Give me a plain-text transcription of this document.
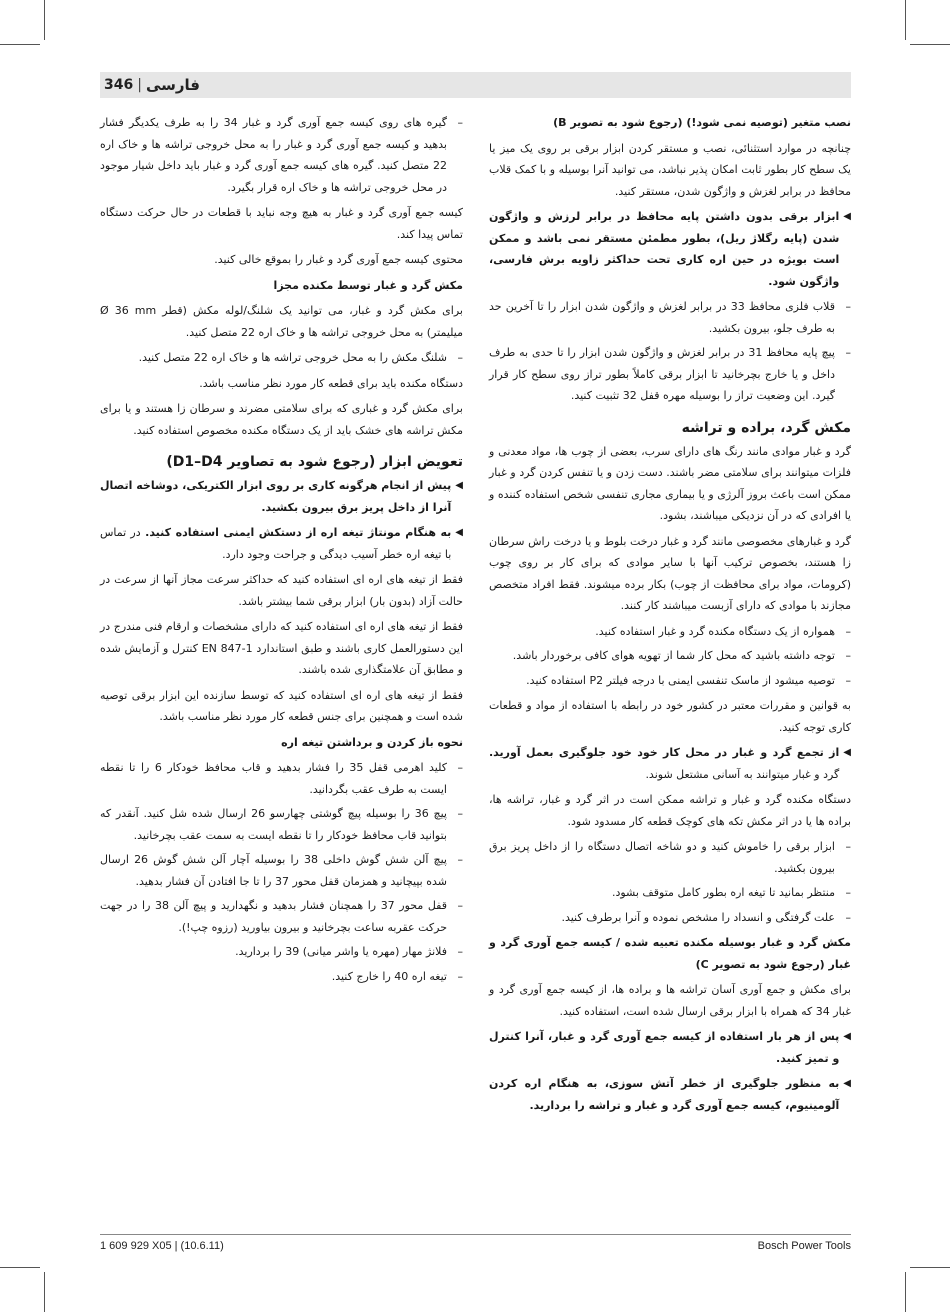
346 | فارسی

نصب متغیر (توصیه نمی شود!) (رجوع شود به تصویر B)

چنانچه در موارد استثنائی، نصب و مستقر کردن ابزار برقی بر روی یک میز یا یک سطح کار بطور ثابت امکان پذیر نباشد، می توانید آنرا بوسیله و با کمک قلاب محافظ در برابر لغزش و واژگون شدن، مستقر کنید.

◀
ابزار برقی بدون داشتن پایه محافظ در برابر لرزش و واژگون شدن (پایه رگلاژ ریل)، بطور مطمئن مستقر نمی باشد و ممکن است بویژه در حین اره کاری تحت حداکثر زاویه برش فارسی، واژگون شود.
–
قلاب فلزی محافظ 33 در برابر لغزش و واژگون شدن ابزار را تا آخرین حد به طرف جلو، بیرون بکشید.
–
پیچ پایه محافظ 31 در برابر لغزش و واژگون شدن ابزار را تا حدی به طرف داخل و یا خارج بچرخانید تا ابزار برقی کاملاً بطور تراز روی سطح کار قرار گیرد. این وضعیت تراز را بوسیله مهره قفل 32 تثبیت کنید.
مکش گرد، براده و تراشه

گرد و غبار موادی مانند رنگ های دارای سرب، بعضی از چوب ها، مواد معدنی و فلزات میتوانند برای سلامتی مضر باشند. دست زدن و یا تنفس کردن گرد و غبار ممکن است باعث بروز آلرژی و یا بیماری مجاری تنفسی شخص استفاده کننده و یا افرادی که در آن نزدیکی میباشند، بشود.

گرد و غبارهای مخصوصی مانند گرد و غبار درخت بلوط و یا درخت راش سرطان زا هستند، بخصوص ترکیب آنها با سایر موادی که برای کار بر روی چوب (کرومات، مواد برای محافظت از چوب) بکار برده میشوند. فقط افراد متخصص مجازند با موادی که دارای آزبست میباشند کار کنند.

–
همواره از یک دستگاه مکنده گرد و غبار استفاده کنید.
–
توجه داشته باشید که محل کار شما از تهویه هوای کافی برخوردار باشد.
–
توصیه میشود از ماسک تنفسی ایمنی با درجه فیلتر P2 استفاده کنید.

به قوانین و مقررات معتبر در کشور خود در رابطه با استفاده از مواد و قطعات کاری توجه کنید.

◀
از تجمع گرد و غبار در محل کار خود خود جلوگیری بعمل آورید. گرد و غبار میتوانند به آسانی مشتعل شوند.

دستگاه مکنده گرد و غبار و تراشه ممکن است در اثر گرد و غبار، تراشه ها، براده ها یا در اثر مکش تکه های کوچک قطعه کار مسدود شود.

–
ابزار برقی را خاموش کنید و دو شاخه اتصال دستگاه را از داخل پریز برق بیرون بکشید.
–
منتظر بمانید تا تیغه اره بطور کامل متوقف بشود.
–
علت گرفتگی و انسداد را مشخص نموده و آنرا برطرف کنید.

مکش گرد و غبار بوسیله مکنده تعبیه شده / کیسه جمع آوری گرد و غبار (رجوع شود به تصویر C)

برای مکش و جمع آوری آسان تراشه ها و براده ها، از کیسه جمع آوری گرد و غبار 34 که همراه با ابزار برقی ارسال شده است، استفاده کنید.

◀
پس از هر بار استفاده از کیسه جمع آوری گرد و غبار، آنرا کنترل و تمیز کنید.
◀
به منظور جلوگیری از خطر آتش سوزی، به هنگام اره کردن آلومینیوم، کیسه جمع آوری گرد و غبار و تراشه را بردارید.
–
گیره های روی کیسه جمع آوری گرد و غبار 34 را به طرف یکدیگر فشار بدهید و کیسه جمع آوری گرد و غبار را به محل خروجی تراشه ها و خاک اره 22 متصل کنید. گیره های کیسه جمع آوری گرد و غبار باید داخل شیار موجود در محل خروجی تراشه ها و خاک اره قرار بگیرد.

کیسه جمع آوری گرد و غبار به هیچ وجه نباید با قطعات در حال حرکت دستگاه تماس پیدا کند.

محتوی کیسه جمع آوری گرد و غبار را بموقع خالی کنید.

مکش گرد و غبار توسط مکنده مجزا

برای مکش گرد و غبار، می توانید یک شلنگ/لوله مکش (قطر Ø 36 mm میلیمتر) به محل خروجی تراشه ها و خاک اره 22 متصل کنید.

–
شلنگ مکش را به محل خروجی تراشه ها و خاک اره 22 متصل کنید.

دستگاه مکنده باید برای قطعه کار مورد نظر مناسب باشد.

برای مکش گرد و غباری که برای سلامتی مضرند و سرطان زا هستند و یا برای مکش تراشه های خشک باید از یک دستگاه مکنده مخصوص استفاده کنید.

تعویض ابزار (رجوع شود به تصاویر D1–D4)
◀
پیش از انجام هرگونه کاری بر روی ابزار الکتریکی، دوشاخه اتصال آنرا از داخل پریز برق بیرون بکشید.
◀
به هنگام مونتاژ تیغه اره از دستکش ایمنی استفاده کنید. در تماس با تیغه اره خطر آسیب دیدگی و جراحت وجود دارد.

فقط از تیغه های اره ای استفاده کنید که حداکثر سرعت مجاز آنها از سرعت در حالت آزاد (بدون بار) ابزار برقی شما بیشتر باشد.

فقط از تیغه های اره ای استفاده کنید که دارای مشخصات و ارقام فنی مندرج در این دستورالعمل کاری باشند و طبق استاندارد EN 847-1 کنترل و آزمایش شده و مطابق آن علامتگذاری شده باشند.

فقط از تیغه های اره ای استفاده کنید که توسط سازنده این ابزار برقی توصیه شده است و همچنین برای جنس قطعه کار مورد نظر مناسب باشد.

نحوه باز کردن و برداشتن تیغه اره

–
کلید اهرمی قفل 35 را فشار بدهید و قاب محافظ خودکار 6 را تا نقطه ایست به طرف عقب بگردانید.
–
پیچ 36 را بوسیله پیچ گوشتی چهارسو 26 ارسال شده شل کنید. آنقدر که بتوانید قاب محافظ خودکار را تا نقطه ایست به سمت عقب بچرخانید.
–
پیچ آلن شش گوش داخلی 38 را بوسیله آچار آلن شش گوش 26 ارسال شده بپیچانید و همزمان قفل محور 37 را تا جا افتادن آن فشار بدهید.
–
قفل محور 37 را همچنان فشار بدهید و نگهدارید و پیچ آلن 38 را در جهت حرکت عقربه ساعت بچرخانید و بیرون بیاورید (رزوه چپ!).
–
فلانژ مهار (مهره یا واشر میانی) 39 را بردارید.
–
تیغه اره 40 را خارج کنید.
1 609 929 X05 | (10.6.11)	Bosch Power Tools
